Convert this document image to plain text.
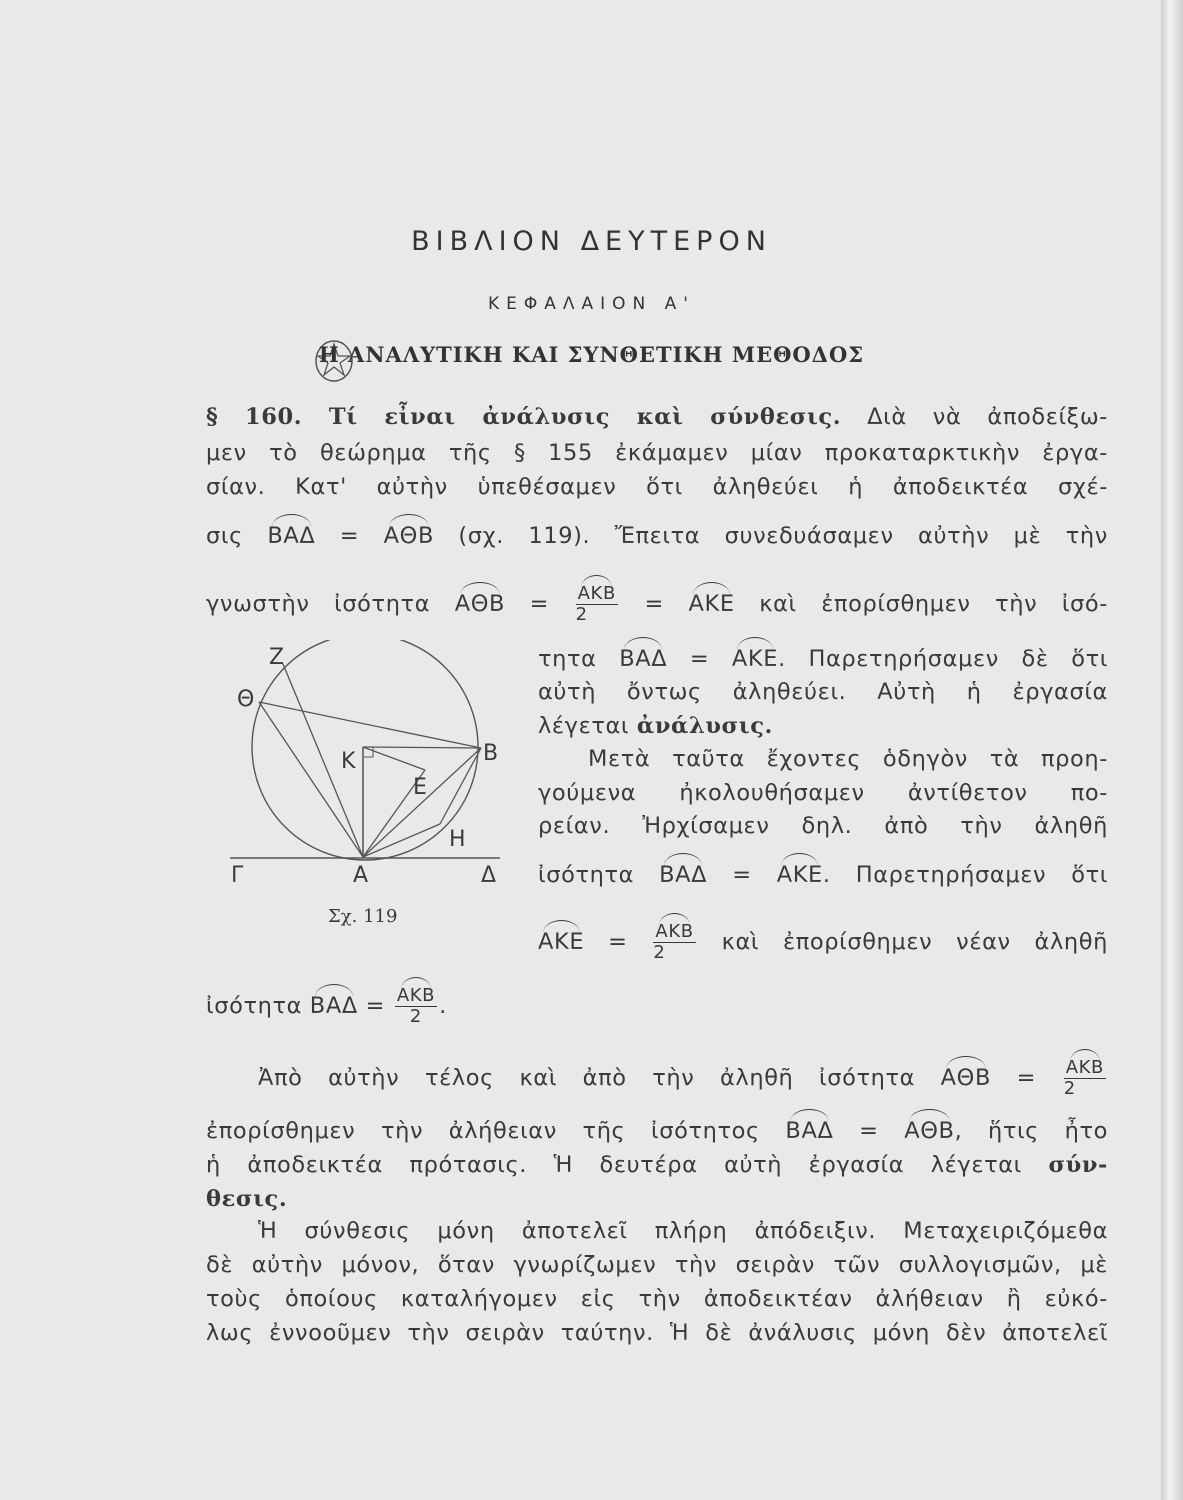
ΒΙΒΛΙΟΝ ΔΕΥΤΕΡΟΝ
ΚΕΦΑΛΑΙΟΝ Α'
Η ΑΝΑΛΥΤΙΚΗ ΚΑΙ ΣΥΝΘΕΤΙΚΗ ΜΕΘΟΔΟΣ
§ 160. Τί εἶναι ἀνάλυσις καὶ σύνθεσις. Διὰ νὰ ἀποδείξω-
μεν τὸ θεώρημα τῆς § 155 ἐκάμαμεν μίαν προκαταρκτικὴν ἐργα-
σίαν. Κατ' αὐτὴν ὑπεθέσαμεν ὅτι ἀληθεύει ἡ ἀποδεικτέα σχέ-
σις ΒΑΔ = ΑΘΒ (σχ. 119). Ἔπειτα συνεδυάσαμεν αὐτὴν μὲ τὴν
γνωστὴν ἰσότητα $A\Theta B = \frac{\text{ΑΚΒ}}{2} = AKE$ καὶ ἐπορίσθημεν τὴν ἰσό-
Z
Θ
K
E
B
H
Γ	A	Δ
Σχ. 119
τητα ΒΑΔ = ΑΚΕ. Παρετηρήσαμεν δὲ ὅτι
αὐτὴ ὄντως ἀληθεύει. Αὐτὴ ἡ ἐργασία
λέγεται ἀνάλυσις.
Μετὰ ταῦτα ἔχοντες ὁδηγὸν τὰ προη-
γούμενα ἠκολουθήσαμεν ἀντίθετον πο-
ρείαν. Ἠρχίσαμεν δηλ. ἀπὸ τὴν ἀληθῆ
ἰσότητα ΒΑΔ = ΑΚΕ. Παρετηρήσαμεν ὅτι
$AKE = \frac{\text{ΑΚΒ}}{2}$ καὶ ἐπορίσθημεν νέαν ἀληθῆ
ἰσότητα $BA\Delta = \frac{\text{ΑΚΒ}}{2}$ .
Ἀπὸ αὐτὴν τέλος καὶ ἀπὸ τὴν ἀληθῆ ἰσότητα $A\Theta B = \frac{\text{ΑΚΒ}}{2}$
ἐπορίσθημεν τὴν ἀλήθειαν τῆς ἰσότητος ΒΑΔ = ΑΘΒ, ἥτις ἦτο
ἡ ἀποδεικτέα πρότασις. Ἡ δευτέρα αὐτὴ ἐργασία λέγεται σύν-
θεσις.
Ἡ σύνθεσις μόνη ἀποτελεῖ πλήρη ἀπόδειξιν. Μεταχειριζόμεθα
δὲ αὐτὴν μόνον, ὅταν γνωρίζωμεν τὴν σειρὰν τῶν συλλογισμῶν, μὲ
τοὺς ὁποίους καταλήγομεν εἰς τὴν ἀποδεικτέαν ἀλήθειαν ἢ εὐκό-
λως ἐννοοῦμεν τὴν σειρὰν ταύτην. Ἡ δὲ ἀνάλυσις μόνη δὲν ἀποτελεῖ
